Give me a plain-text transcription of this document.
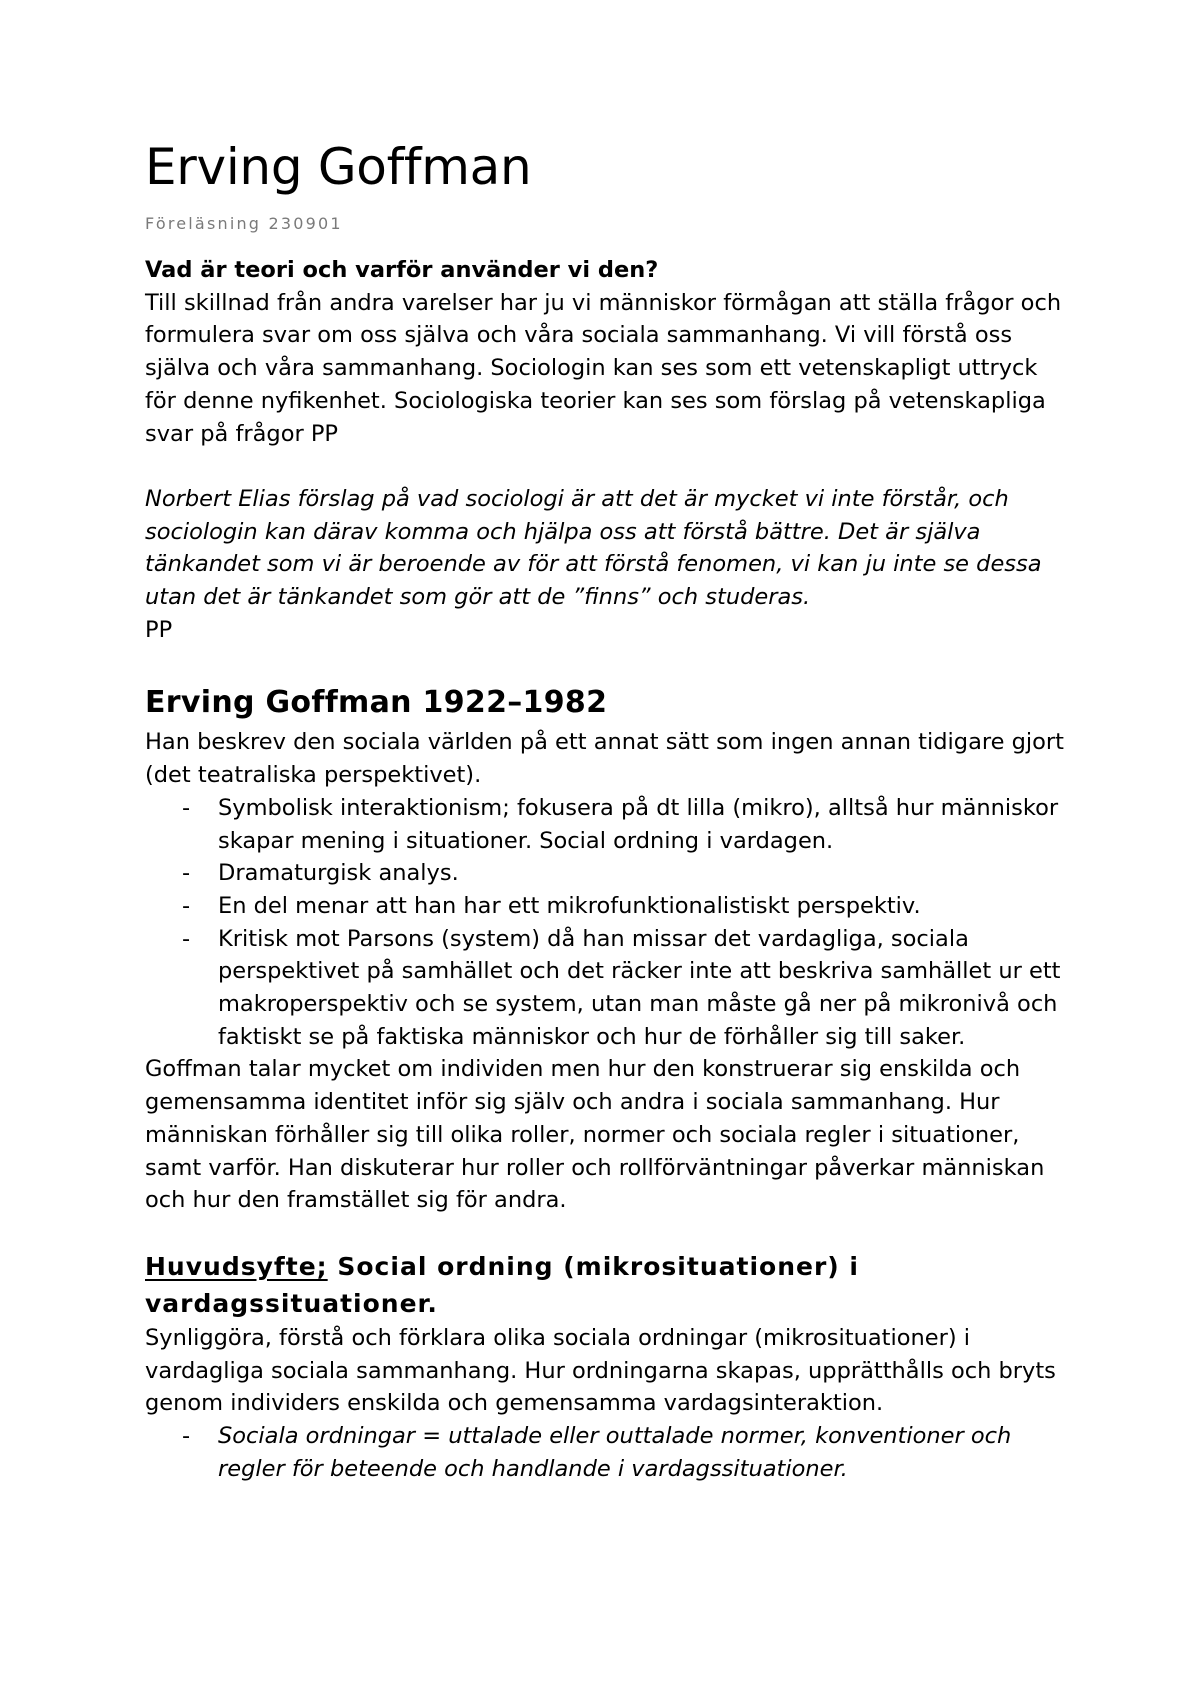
Erving Goffman

Föreläsning 230901

Vad är teori och varför använder vi den?

Till skillnad från andra varelser har ju vi människor förmågan att ställa frågor och formulera svar om oss själva och våra sociala sammanhang. Vi vill förstå oss själva och våra sammanhang. Sociologin kan ses som ett vetenskapligt uttryck för denne nyfikenhet. Sociologiska teorier kan ses som förslag på vetenskapliga svar på frågor PP

Norbert Elias förslag på vad sociologi är att det är mycket vi inte förstår, och sociologin kan därav komma och hjälpa oss att förstå bättre. Det är själva tänkandet som vi är beroende av för att förstå fenomen, vi kan ju inte se dessa utan det är tänkandet som gör att de ”finns” och studeras.

PP

Erving Goffman 1922–1982

Han beskrev den sociala världen på ett annat sätt som ingen annan tidigare gjort (det teatraliska perspektivet).

- Symbolisk interaktionism; fokusera på dt lilla (mikro), alltså hur människor skapar mening i situationer. Social ordning i vardagen.
- Dramaturgisk analys.
- En del menar att han har ett mikrofunktionalistiskt perspektiv.
- Kritisk mot Parsons (system) då han missar det vardagliga, sociala perspektivet på samhället och det räcker inte att beskriva samhället ur ett makroperspektiv och se system, utan man måste gå ner på mikronivå och faktiskt se på faktiska människor och hur de förhåller sig till saker.

Goffman talar mycket om individen men hur den konstruerar sig enskilda och gemensamma identitet inför sig själv och andra i sociala sammanhang. Hur människan förhåller sig till olika roller, normer och sociala regler i situationer, samt varför. Han diskuterar hur roller och rollförväntningar påverkar människan och hur den framstället sig för andra.

Huvudsyfte; Social ordning (mikrosituationer) i vardagssituationer.

Synliggöra, förstå och förklara olika sociala ordningar (mikrosituationer) i vardagliga sociala sammanhang. Hur ordningarna skapas, upprätthålls och bryts genom individers enskilda och gemensamma vardagsinteraktion.

- Sociala ordningar = uttalade eller outtalade normer, konventioner och regler för beteende och handlande i vardagssituationer.
